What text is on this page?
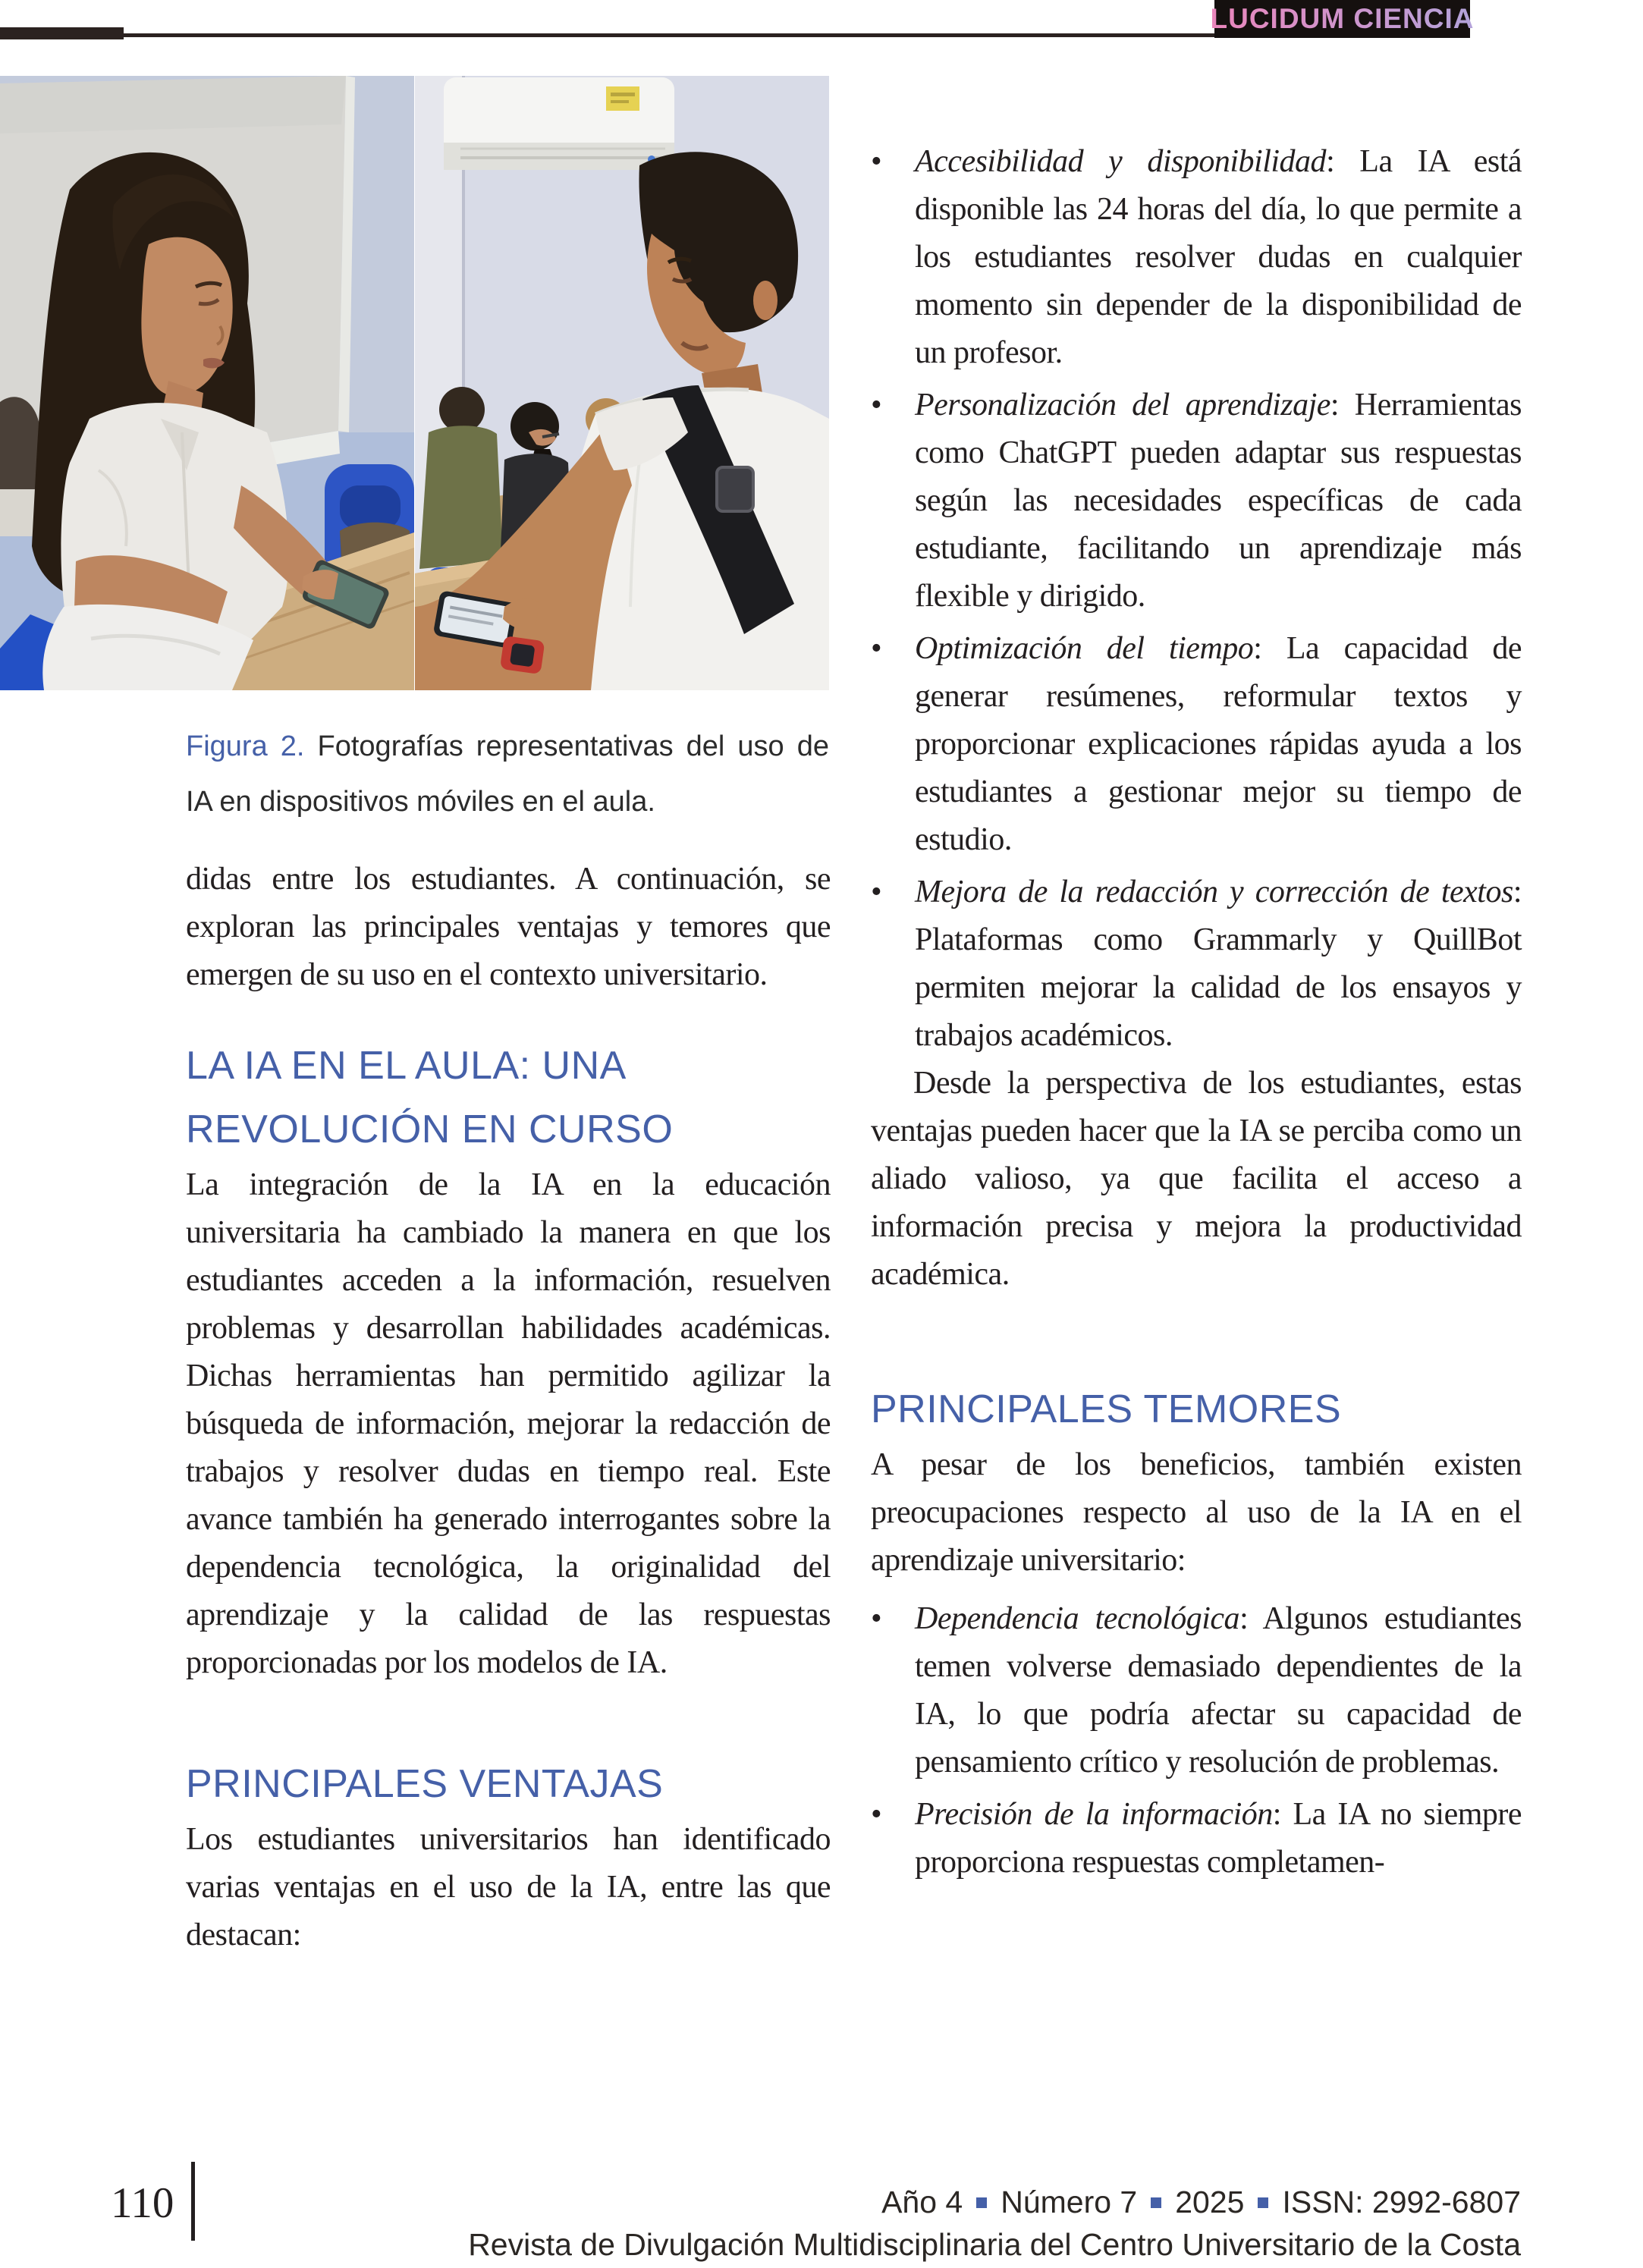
LUCIDUM CIENCIA
Figura 2. Fotografías representativas del uso de IA en dispositivos móviles en el aula.

didas entre los estudiantes. A continuación, se exploran las principales ventajas y temores que emergen de su uso en el contexto universitario.

LA IA EN EL AULA: UNA
REVOLUCIÓN EN CURSO

La integración de la IA en la educación universitaria ha cambiado la manera en que los estudiantes acceden a la información, resuelven problemas y desarrollan habilidades académicas. Dichas herramientas han permitido agilizar la búsqueda de información, mejorar la redacción de trabajos y resolver dudas en tiempo real. Este avance también ha generado interrogantes sobre la dependencia tecnológica, la originalidad del aprendizaje y la calidad de las respuestas proporcionadas por los modelos de IA.

PRINCIPALES VENTAJAS

Los estudiantes universitarios han identificado varias ventajas en el uso de la IA, entre las que destacan:

•	Accesibilidad y disponibilidad: La IA está disponible las 24 horas del día, lo que permite a los estudiantes resolver dudas en cualquier momento sin depender de la disponibilidad de un profesor.
•	Personalización del aprendizaje: Herramientas como ChatGPT pueden adaptar sus respuestas según las necesidades específicas de cada estudiante, facilitando un aprendizaje más flexible y dirigido.
•	Optimización del tiempo: La capacidad de generar resúmenes, reformular textos y proporcionar explicaciones rápidas ayuda a los estudiantes a gestionar mejor su tiempo de estudio.
•	Mejora de la redacción y corrección de textos: Plataformas como Grammarly y QuillBot permiten mejorar la calidad de los ensayos y trabajos académicos.

Desde la perspectiva de los estudiantes, estas ventajas pueden hacer que la IA se perciba como un aliado valioso, ya que facilita el acceso a información precisa y mejora la productividad académica.

PRINCIPALES TEMORES

A pesar de los beneficios, también existen preocupaciones respecto al uso de la IA en el aprendizaje universitario:

•	Dependencia tecnológica: Algunos estudiantes temen volverse demasiado dependientes de la IA, lo que podría afectar su capacidad de pensamiento crítico y resolución de problemas.
•	Precisión de la información: La IA no siempre proporciona respuestas completamen-
110	Año 4 Número 7 2025 ISSN: 2992-6807
Revista de Divulgación Multidisciplinaria del Centro Universitario de la Costa
